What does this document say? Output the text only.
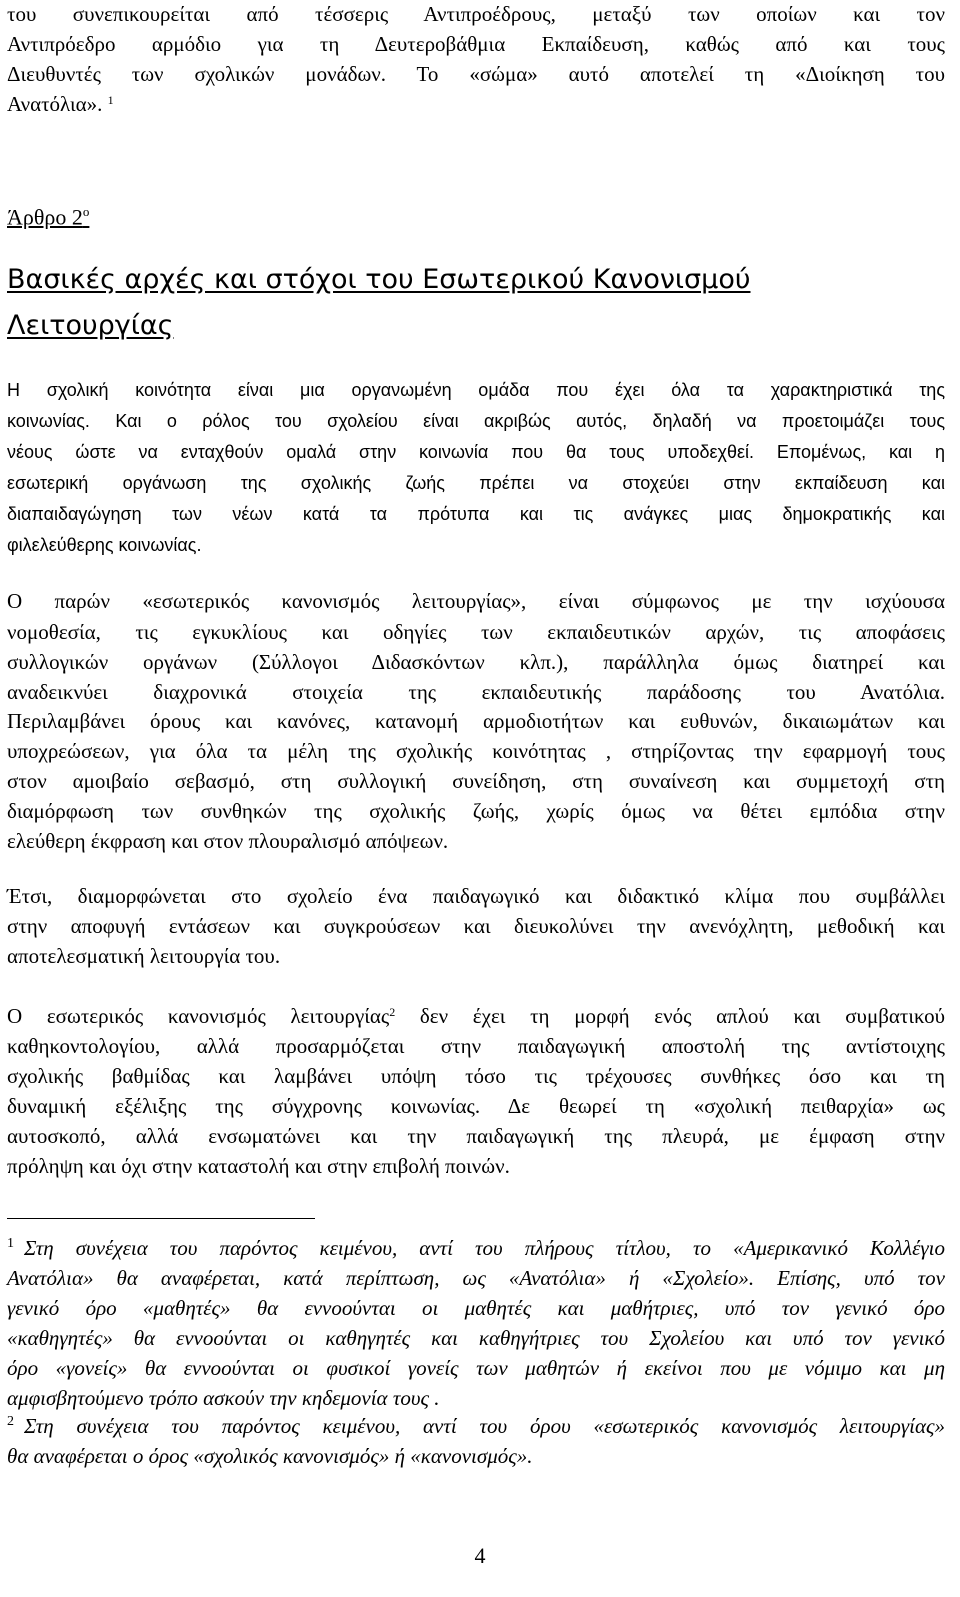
του συνεπικουρείται από τέσσερις Αντιπροέδρους, μεταξύ των οποίων και τον
Αντιπρόεδρο αρμόδιο για τη Δευτεροβάθμια Εκπαίδευση, καθώς από και τους
Διευθυντές των σχολικών μονάδων. Το «σώμα» αυτό αποτελεί τη «Διοίκηση του
Ανατόλια». $^1$
Άρθρο $2^o$
Βασικές αρχές και στόχοι του Εσωτερικού Κανονισμού
Λειτουργίας
Η σχολική κοινότητα είναι μια οργανωμένη ομάδα που έχει όλα τα χαρακτηριστικά της
κοινωνίας. Και ο ρόλος του σχολείου είναι ακριβώς αυτός, δηλαδή να προετοιμάζει τους
νέους ώστε να ενταχθούν ομαλά στην κοινωνία που θα τους υποδεχθεί. Επομένως, και η
εσωτερική οργάνωση της σχολικής ζωής πρέπει να στοχεύει στην εκπαίδευση και
διαπαιδαγώγηση των νέων κατά τα πρότυπα και τις ανάγκες μιας δημοκρατικής και
φιλελεύθερης κοινωνίας.
Ο παρών «εσωτερικός κανονισμός λειτουργίας», είναι σύμφωνος με την ισχύουσα
νομοθεσία, τις εγκυκλίους και οδηγίες των εκπαιδευτικών αρχών, τις αποφάσεις
συλλογικών οργάνων (Σύλλογοι Διδασκόντων κλπ.), παράλληλα όμως διατηρεί και
αναδεικνύει διαχρονικά στοιχεία της εκπαιδευτικής παράδοσης του Ανατόλια.
Περιλαμβάνει όρους και κανόνες, κατανομή αρμοδιοτήτων και ευθυνών, δικαιωμάτων και
υποχρεώσεων, για όλα τα μέλη της σχολικής κοινότητας , στηρίζοντας την εφαρμογή τους
στον αμοιβαίο σεβασμό, στη συλλογική συνείδηση, στη συναίνεση και συμμετοχή στη
διαμόρφωση των συνθηκών της σχολικής ζωής, χωρίς όμως να θέτει εμπόδια στην
ελεύθερη έκφραση και στον πλουραλισμό απόψεων.
Έτσι, διαμορφώνεται στο σχολείο ένα παιδαγωγικό και διδακτικό κλίμα που συμβάλλει
στην αποφυγή εντάσεων και συγκρούσεων και διευκολύνει την ανενόχλητη, μεθοδική και
αποτελεσματική λειτουργία του.
Ο εσωτερικός κανονισμός λειτουργίας$^2$ δεν έχει τη μορφή ενός απλού και συμβατικού
καθηκοντολογίου, αλλά προσαρμόζεται στην παιδαγωγική αποστολή της αντίστοιχης
σχολικής βαθμίδας και λαμβάνει υπόψη τόσο τις τρέχουσες συνθήκες όσο και τη
δυναμική εξέλιξης της σύγχρονης κοινωνίας. Δε θεωρεί τη «σχολική πειθαρχία» ως
αυτοσκοπό, αλλά ενσωματώνει και την παιδαγωγική της πλευρά, με έμφαση στην
πρόληψη και όχι στην καταστολή και στην επιβολή ποινών.
$^1$ Στη συνέχεια του παρόντος κειμένου, αντί του πλήρους τίτλου, το «Αμερικανικό Κολλέγιο
Ανατόλια» θα αναφέρεται, κατά περίπτωση, ως «Ανατόλια» ή «Σχολείο». Επίσης, υπό τον
γενικό όρο «μαθητές» θα εννοούνται οι μαθητές και μαθήτριες, υπό τον γενικό όρο
«καθηγητές» θα εννοούνται οι καθηγητές και καθηγήτριες του Σχολείου και υπό τον γενικό
όρο «γονείς» θα εννοούνται οι φυσικοί γονείς των μαθητών ή εκείνοι που με νόμιμο και μη
αμφισβητούμενο τρόπο ασκούν την κηδεμονία τους .
$^2$ Στη συνέχεια του παρόντος κειμένου, αντί του όρου «εσωτερικός κανονισμός λειτουργίας»
θα αναφέρεται ο όρος «σχολικός κανονισμός» ή «κανονισμός».
4
